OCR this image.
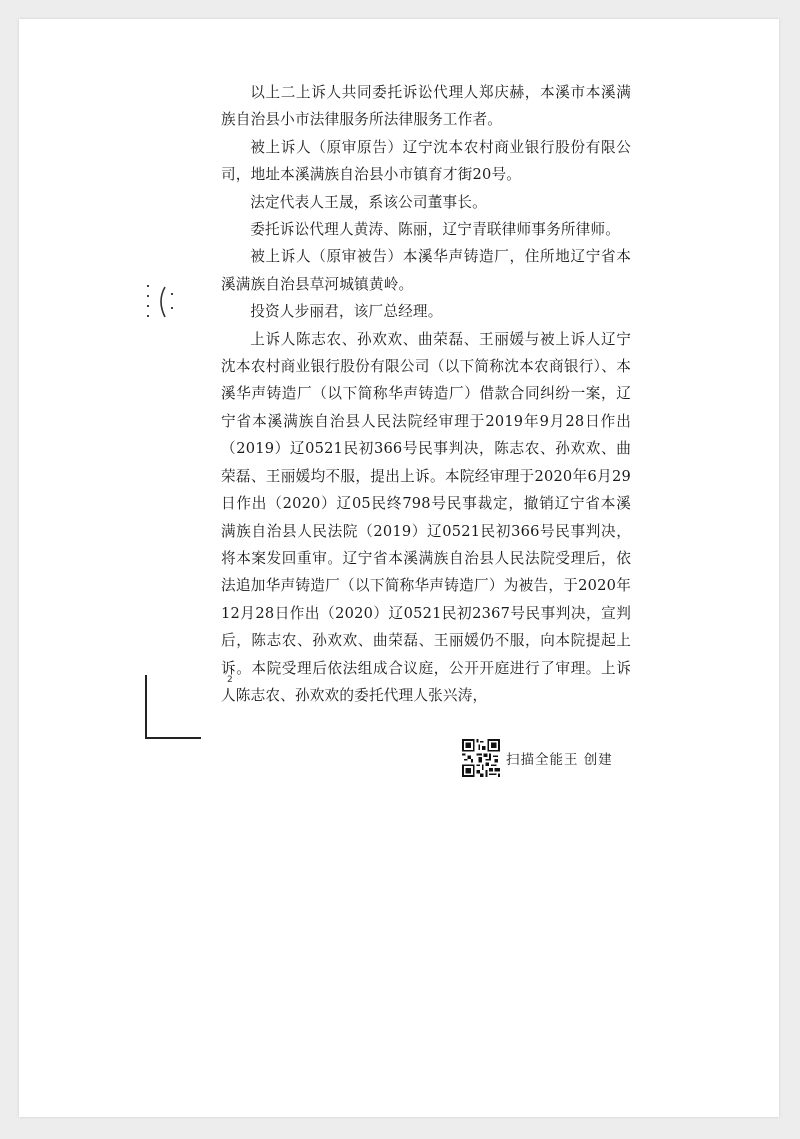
以上二上诉人共同委托诉讼代理人郑庆赫，本溪市本溪满族自治县小市法律服务所法律服务工作者。

被上诉人（原审原告）辽宁沈本农村商业银行股份有限公司，地址本溪满族自治县小市镇育才街20号。

法定代表人王晟，系该公司董事长。

委托诉讼代理人黄涛、陈丽，辽宁青联律师事务所律师。

被上诉人（原审被告）本溪华声铸造厂，住所地辽宁省本溪满族自治县草河城镇黄岭。

投资人步丽君，该厂总经理。

上诉人陈志农、孙欢欢、曲荣磊、王丽媛与被上诉人辽宁沈本农村商业银行股份有限公司（以下简称沈本农商银行）、本溪华声铸造厂（以下简称华声铸造厂）借款合同纠纷一案，辽宁省本溪满族自治县人民法院经审理于2019年9月28日作出（2019）辽0521民初366号民事判决，陈志农、孙欢欢、曲荣磊、王丽媛均不服，提出上诉。本院经审理于2020年6月29日作出（2020）辽05民终798号民事裁定，撤销辽宁省本溪满族自治县人民法院（2019）辽0521民初366号民事判决，将本案发回重审。辽宁省本溪满族自治县人民法院受理后，依法追加华声铸造厂（以下简称华声铸造厂）为被告，于2020年12月28日作出（2020）辽0521民初2367号民事判决，宣判后，陈志农、孙欢欢、曲荣磊、王丽媛仍不服，向本院提起上诉。本院受理后依法组成合议庭，公开开庭进行了审理。上诉人陈志农、孙欢欢的委托代理人张兴涛，

2
扫描全能王 创建
